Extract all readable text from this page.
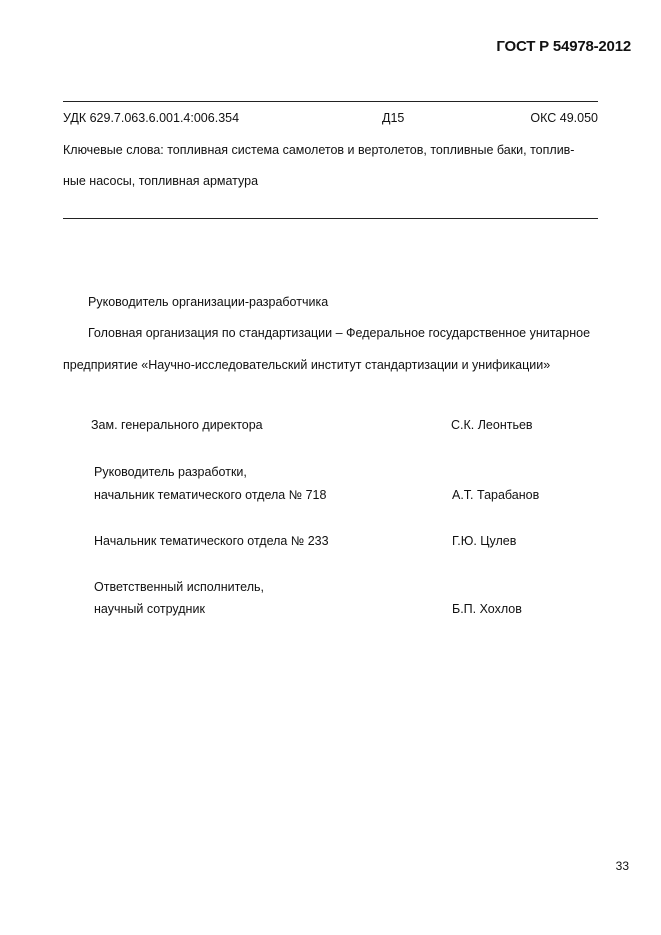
ГОСТ Р 54978-2012
УДК 629.7.063.6.001.4:006.354	Д15	ОКС 49.050
Ключевые слова: топливная система самолетов и вертолетов, топливные баки, топлив-
ные насосы, топливная арматура
Руководитель организации-разработчика
Головная организация по стандартизации – Федеральное государственное унитарное
предприятие «Научно-исследовательский институт стандартизации и унификации»
Зам. генерального директора	С.К. Леонтьев
Руководитель разработки,
начальник тематического отдела № 718	А.Т. Тарабанов
Начальник тематического отдела № 233	Г.Ю. Цулев
Ответственный исполнитель,
научный сотрудник	Б.П. Хохлов
33
